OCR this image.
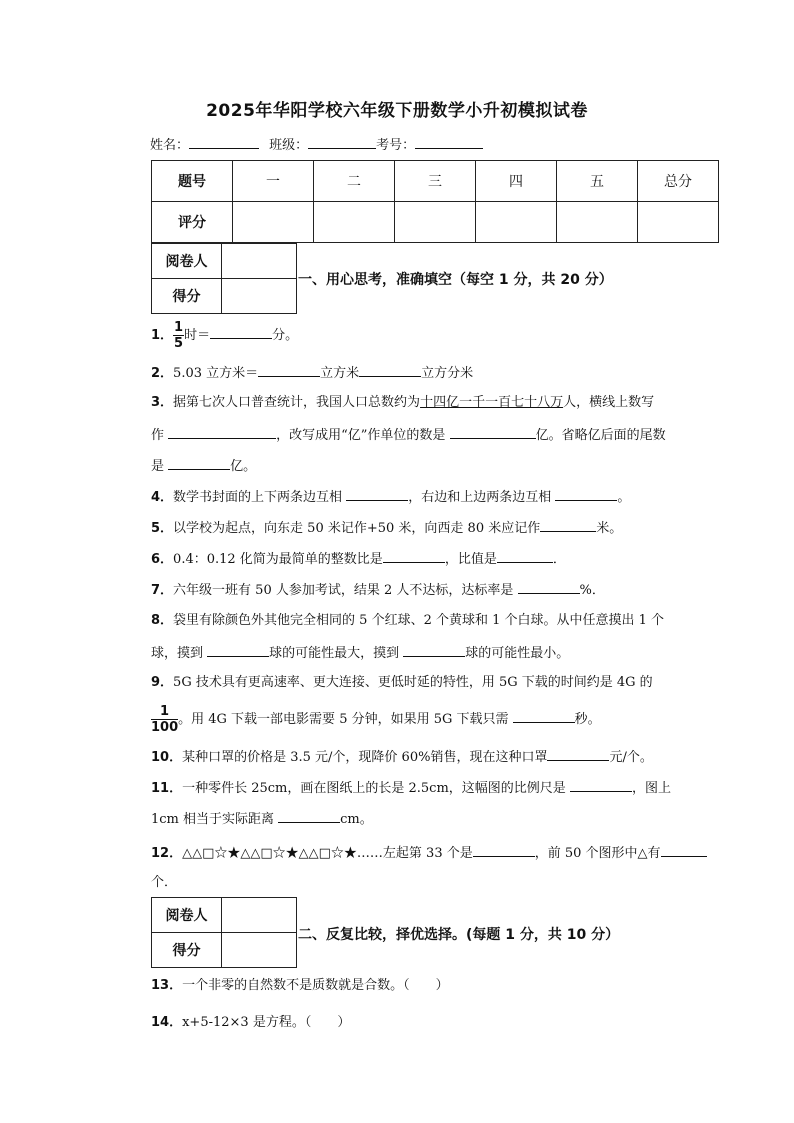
2025年华阳学校六年级下册数学小升初模拟试卷
姓名：	班级：	考号：
题号	一	二	三	四	五	总分
评分						
阅卷人	
得分	
一、用心思考，准确填空（每空 1 分，共 20 分）
1． $\frac{1}{5}$ 时＝	分。
2．5.03 立方米＝	立方米	立方分米
3．据第七次人口普查统计，我国人口总数约为十四亿一千一百七十八万人，横线上数写
作	，改写成用“亿”作单位的数是	亿。省略亿后面的尾数
是	亿。
4．数学书封面的上下两条边互相	，右边和上边两条边互相	。
5．以学校为起点，向东走 50 米记作+50 米，向西走 80 米应记作	米。
6．0.4：0.12 化简为最简单的整数比是	，比值是	．
7．六年级一班有 50 人参加考试，结果 2 人不达标，达标率是	%．
8．袋里有除颜色外其他完全相同的 5 个红球、2 个黄球和 1 个白球。从中任意摸出 1 个
球，摸到	球的可能性最大，摸到	球的可能性最小。
9．5G 技术具有更高速率、更大连接、更低时延的特性，用 5G 下载的时间约是 4G 的
$\frac{1}{100}$ 。用 4G 下载一部电影需要 5 分钟，如果用 5G 下载只需	秒。
10．某种口罩的价格是 3.5 元/个，现降价 60%销售，现在这种口罩	元/个。
11．一种零件长 25cm，画在图纸上的长是 2.5cm，这幅图的比例尺是	，图上
1cm 相当于实际距离	cm。
12．△△□☆★△△□☆★△△□☆★……左起第 33 个是	，前 50 个图形中△有
个．
阅卷人	
得分	
二、反复比较，择优选择。(每题 1 分，共 10 分）
13．一个非零的自然数不是质数就是合数。（　　）
14．x+5-12×3 是方程。（　　）
